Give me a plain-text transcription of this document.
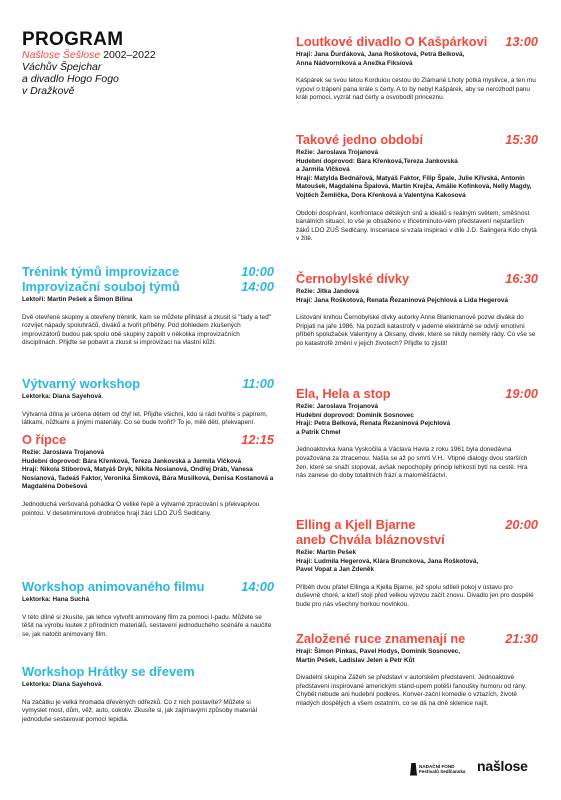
PROGRAM
Našlose Šešlose 2002–2022
Váchův Špejchar
a divadlo Hogo Fogo
v Dražkově
Trénink týmů improvizace	10:00
Improvizační souboj týmů	14:00
Lektoři: Martin Pešek a Šimon Bilina
Dvě otevřené skupiny a otevřený trénink, kam se můžete přihlásit a zkusit si "tady a teď" rozvíjet nápady spoluhráčů, diváků a tvořit příběhy. Pod dohledem zkušených improvizátorů budou pak spolu obě skupiny zápolit v několika improvizačních disciplínách. Přijďte se pobavit a zkusit si improvizaci na vlastní kůži.
Výtvarný workshop	11:00
Lektorka: Diana Sayehová
Výtvarná dílna je určena dětem od čtyř let. Přijďte všichni, kdo si rádi tvoříte s papírem, látkami, nůžkami a jinými materiály. Co se bude tvořit? To je, milé děti, překvapení.
O řípce	12:15
Režie: Jaroslava Trojanová
Hudební doprovod: Bára Křenková, Tereza Jankovská a Jarmila Vlčková
Hrají: Nikola Stiborová, Matyáš Dryk, Nikita Nosianová, Ondřej Dráb, Vanesa Nosianová, Tadeáš Faktor, Veronika Šimková, Bára Musilková, Denisa Kostanová a Magdaléna Dobešová
Jednoduchá veršovaná pohádka O veliké řepě a výtvarné zpracování s překvapivou pointou. V desetiminutové drobničce hrají žáci LDO ZUŠ Sedlčany.
Workshop animovaného filmu	14:00
Lektorka: Hana Suchá
V této dílně si zkusíte, jak lehce vytvořit animovaný film za pomoci I-padu. Můžete se těšit na výrobu loutek z přírodních materiálů, sestavení jednoduchého scénáře a naučíte se, jak natočit animovaný film.
Workshop Hrátky se dřevem
Lektorka: Diana Sayehová
Na začátku je velká hromada dřevěných odřezků. Co z nich postavíte? Můžete si vymyslet most, dům, věž, auto, cokoliv. Zkusíte si, jak zajímavými způsoby materiál jednoduše sestavovat pomocí lepidla.
Loutkové divadlo O Kašpárkovi 13:00
Hrají: Jana Ďurďáková, Jana Roškotová, Petra Belková,
Anna Nádvorníková a Anežka Fiksíová
Kašpárek se svou tetou Kordulou cestou do Zlámané Lhoty potká myslivce, a ten mu vypoví o trápení pana krále s čerty. A to by nebyl Kašpárek, aby se nerozhodl panu králi pomoci, vyzrát nad čerty a osvobodit princeznu.
Takové jedno období	15:30
Režie: Jaroslava Trojanová
Hudební doprovod: Bára Křenková,Tereza Jankovská
a Jarmila Vlčková
Hrají: Matylda Bednářová, Matyáš Faktor, Filip Špale, Julie Křivská, Antonín Matoušek, Magdaléna Špalová, Martin Krejča, Amálie Kofínková, Nelly Magdy, Vojtěch Žemlička, Dora Křenková a Valentýna Kakosová
Období dospívání, konfrontace dětských snů a ideálů s reálným světem, směšnost banálních situací, to vše je obsaženo v třicetiminuto-vém představení nejstarších žáků LDO ZUŠ Sedlčany. Inscenace si vzala inspiraci v díle J.D. Salingera Kdo chytá v žitě.
Černobylské dívky	16:30
Režie: Jitka Jandová
Hrají: Jana Roškotová, Renata Řezaninová Pejchlová a Lída Hegerová
Listování knihou Černobylské dívky autorky Anne Blankmanové pozve diváka do Pripjati na jaře 1986. Na pozadí katastrofy v jaderné elektrárně se odvíjí emotivní příběh spolužaček Valentýny a Oksany, dívek, které se nikdy neměly rády. Co vše se po katastrofě změní v jejich životech? Přijďte to zjistit!
Ela, Hela a stop	19:00
Režie: Jaroslava Trojanová
Hudební doprovod: Dominik Sosnovec
Hrají: Petra Belková, Renata Řezaninová Pejchlová
a Patrik Chmel
Jednoaktovka Ivana Vyskočila a Václava Havla z roku 1961 byla donedávna považována za ztracenou. Našla se až po smrti V.H.. Vtipné dialogy dvou starších žen, které se snaží stopovat, avšak nepochopily princip lehkosti bytí na cestě. Hra nás zanese do doby totalitních frází a maloměšťáctví.
Elling a Kjell Bjarne	20:00
aneb Chvála bláznovství
Režie: Martin Pešek
Hrají: Ludmila Hegerová, Klára Brunckova, Jana Roškotová,
Pavel Vopat a Jan Zdeněk
Příběh dvou přátel Ellinga a Kjella Bjarne, jež spolu sdíleli pokoj v ústavu pro duševně choré, a kteří stojí před velkou výzvou začít znovu. Divadlo jen pro dospělé bude pro nás všechny horkou novinkou.
Založené ruce znamenají ne	21:30
Hrají: Šimon Pinkas, Pavel Hodys, Dominik Sosnovec,
Martin Pešek, Ladislav Jelen a Petr Kůt
Divadelní skupina Zážeh se představí v autorském představení. Jednoaktové představení inspirované americkým stand-upem potěší fanoušky humoru od rány. Chybět nebude ani hudební podkres. Konver-zační komedie o vztazích, životě mladých dospělých a všem ostatním, co se dá na dně sklenice najít.
NADAČNÍ FOND
Festivalů Sedlčanska našlose
